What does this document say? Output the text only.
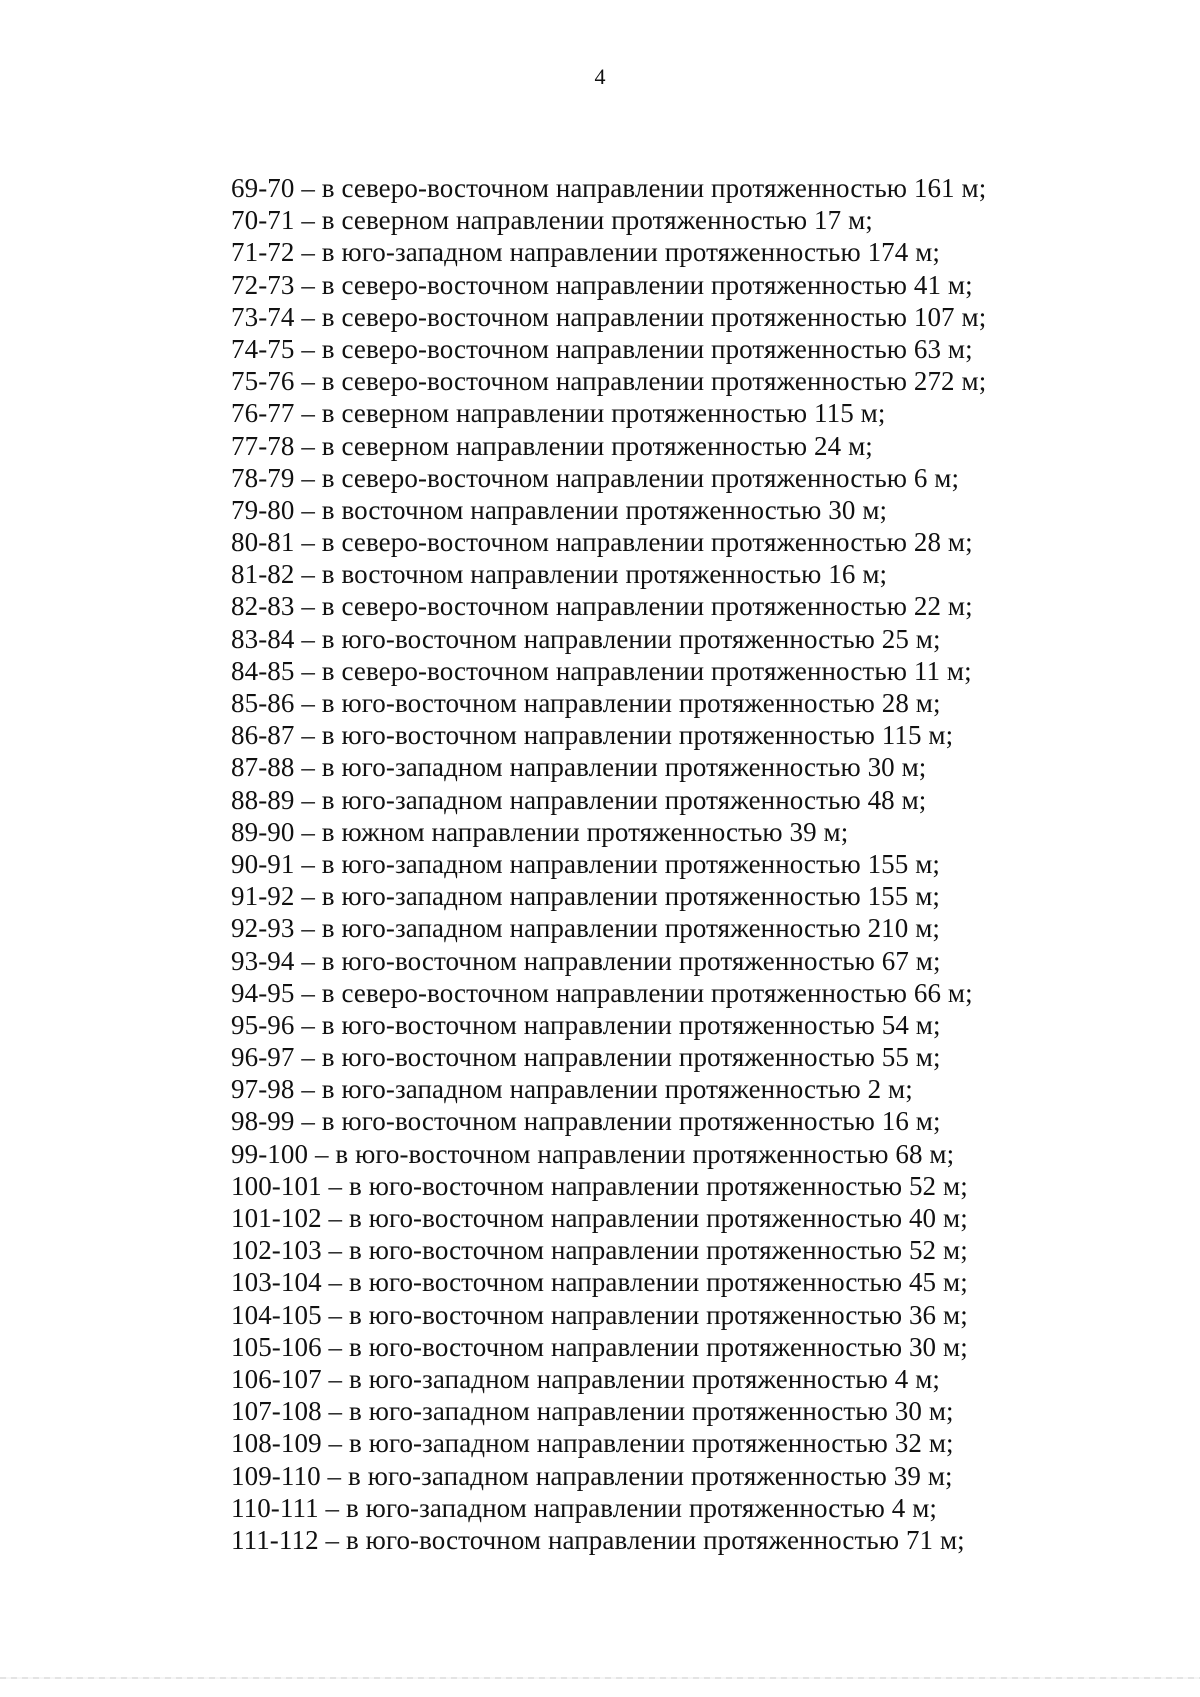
4
69-70 – в северо-восточном направлении протяженностью 161 м;
70-71 – в северном направлении протяженностью 17 м;
71-72 – в юго-западном направлении протяженностью 174 м;
72-73 – в северо-восточном направлении протяженностью 41 м;
73-74 – в северо-восточном направлении протяженностью 107 м;
74-75 – в северо-восточном направлении протяженностью 63 м;
75-76 – в северо-восточном направлении протяженностью 272 м;
76-77 – в северном направлении протяженностью 115 м;
77-78 – в северном направлении протяженностью 24 м;
78-79 – в северо-восточном направлении протяженностью 6 м;
79-80 – в восточном направлении протяженностью 30 м;
80-81 – в северо-восточном направлении протяженностью 28 м;
81-82 – в восточном направлении протяженностью 16 м;
82-83 – в северо-восточном направлении протяженностью 22 м;
83-84 – в юго-восточном направлении протяженностью 25 м;
84-85 – в северо-восточном направлении протяженностью 11 м;
85-86 – в юго-восточном направлении протяженностью 28 м;
86-87 – в юго-восточном направлении протяженностью 115 м;
87-88 – в юго-западном направлении протяженностью 30 м;
88-89 – в юго-западном направлении протяженностью 48 м;
89-90 – в южном направлении протяженностью 39 м;
90-91 – в юго-западном направлении протяженностью 155 м;
91-92 – в юго-западном направлении протяженностью 155 м;
92-93 – в юго-западном направлении протяженностью 210 м;
93-94 – в юго-восточном направлении протяженностью 67 м;
94-95 – в северо-восточном направлении протяженностью 66 м;
95-96 – в юго-восточном направлении протяженностью 54 м;
96-97 – в юго-восточном направлении протяженностью 55 м;
97-98 – в юго-западном направлении протяженностью 2 м;
98-99 – в юго-восточном направлении протяженностью 16 м;
99-100 – в юго-восточном направлении протяженностью 68 м;
100-101 – в юго-восточном направлении протяженностью 52 м;
101-102 – в юго-восточном направлении протяженностью 40 м;
102-103 – в юго-восточном направлении протяженностью 52 м;
103-104 – в юго-восточном направлении протяженностью 45 м;
104-105 – в юго-восточном направлении протяженностью 36 м;
105-106 – в юго-восточном направлении протяженностью 30 м;
106-107 – в юго-западном направлении протяженностью 4 м;
107-108 – в юго-западном направлении протяженностью 30 м;
108-109 – в юго-западном направлении протяженностью 32 м;
109-110 – в юго-западном направлении протяженностью 39 м;
110-111 – в юго-западном направлении протяженностью 4 м;
111-112 – в юго-восточном направлении протяженностью 71 м;
